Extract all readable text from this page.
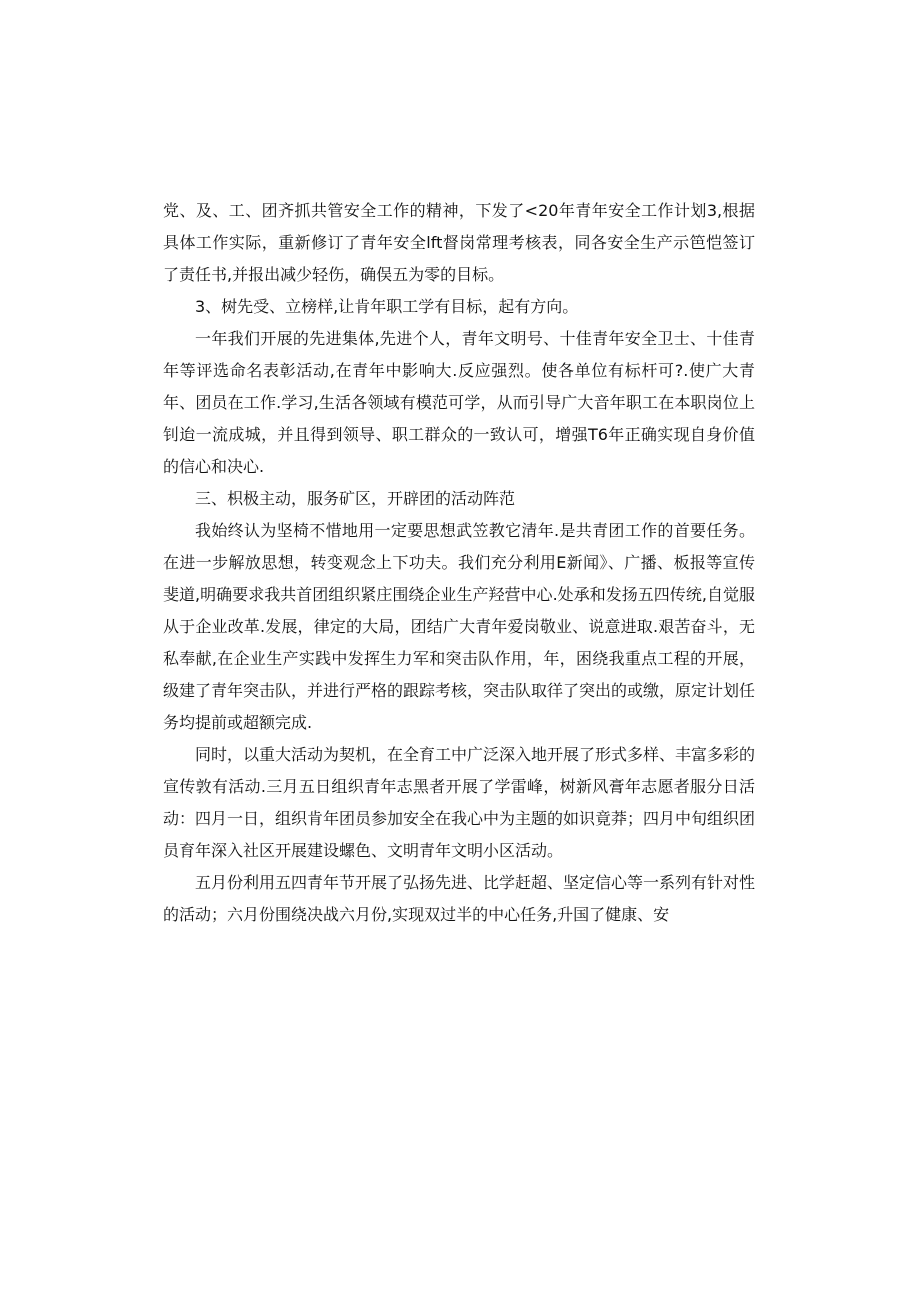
党、及、工、团齐抓共管安全工作的精神，下发了<20年青年安全工作计划3,根据具体工作实际，重新修订了青年安全lft督岗常理考核表，同各安全生产示笆恺签订了责任书,并报出减少轻伤，确俣五为零的目标。

3、树先受、立榜样,让肯年职工学有目标，起有方向。

一年我们开展的先进集体,先进个人，青年文明号、十佳青年安全卫士、十佳青年等评选命名表彰活动,在青年中影响大.反应强烈。使各单位有标杆可?.使广大青年、团员在工作.学习,生活各领域有模范可学，从而引导广大音年职工在本职岗位上钊迨一流成城，并且得到领导、职工群众的一致认可，增强T6年正确实现自身价值的信心和决心.

三、枳极主动，服务矿区，开辟团的活动阵范

我始终认为坚椅不惜地用一定要思想武笠教它清年.是共青团工作的首要任务。在进一步解放思想，转变观念上下功夫。我们充分利用E新闻》、广播、板报等宣传斐道,明确要求我共首团组织紧庄围绕企业生产羟营中心.处承和发扬五四传统,自觉服从于企业改革.发展，律定的大局，团结广大青年爱岗敬业、说意进取.艰苦奋斗，无私奉献,在企业生产实践中发挥生力军和突击队作用，年，困绕我重点工程的开展，级建了青年突击队，并进行严格的跟踪考核，突击队取徉了突出的或缴，原定计划任务均提前或超额完成.

同时，以重大活动为契机，在全育工中广泛深入地开展了形式多样、丰富多彩的宣传敦有活动.三月五日组织青年志黑者开展了学雷峰，树新风膏年志愿者服分日活动：四月一日，组织肯年团员参加安全在我心中为主题的如识竟莽；四月中旬组织团员育年深入社区开展建设螺色、文明青年文明小区活动。

五月份利用五四青年节开展了弘扬先进、比学赶超、坚定信心等一系列有针对性的活动；六月份围绕决战六月份,实现双过半的中心任务,升国了健康、安
